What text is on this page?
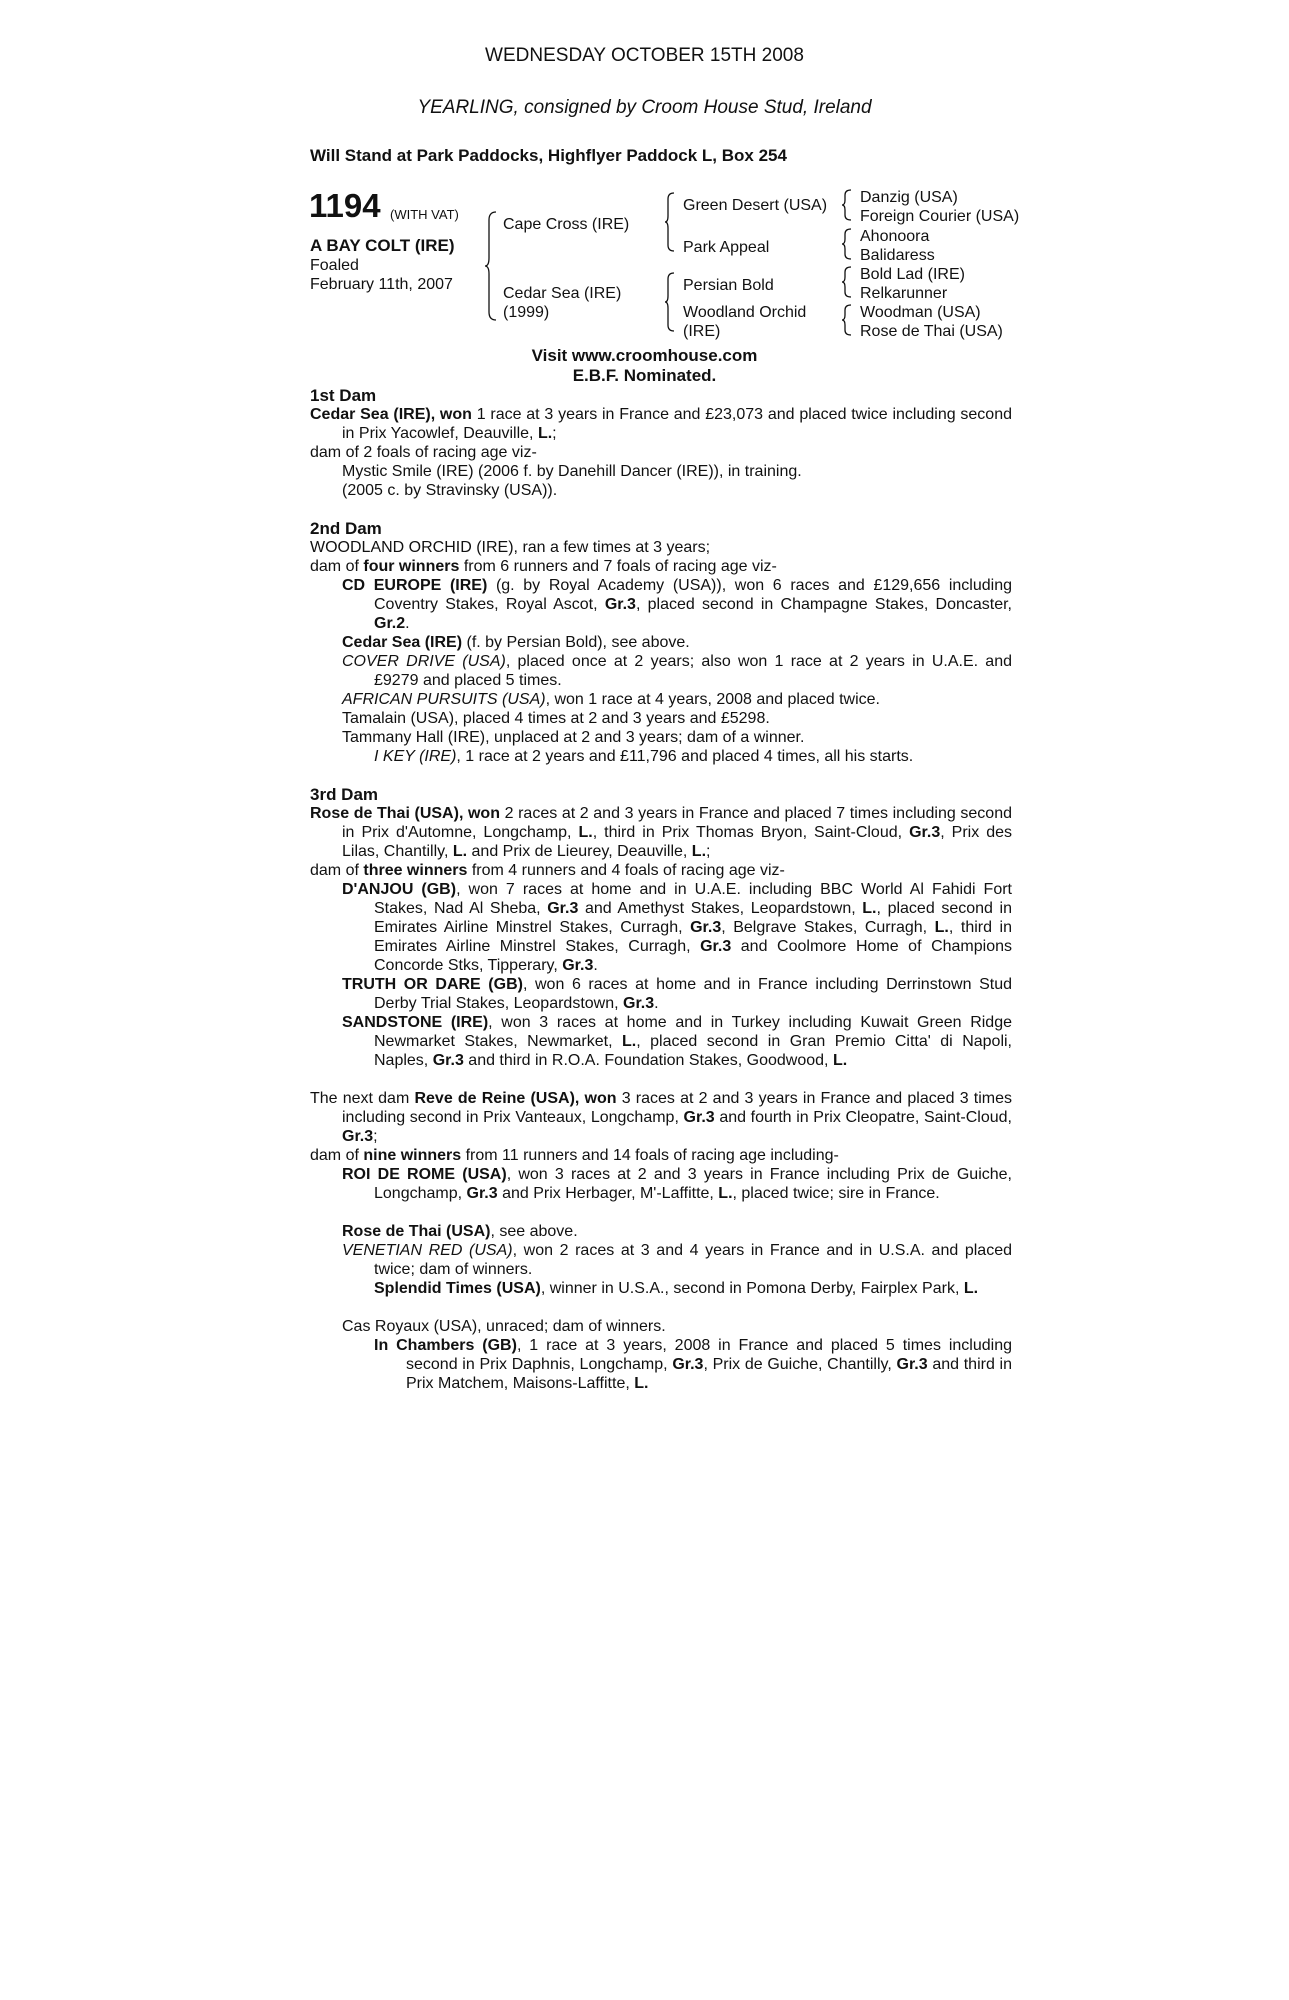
WEDNESDAY OCTOBER 15TH 2008
YEARLING, consigned by Croom House Stud, Ireland
Will Stand at Park Paddocks, Highflyer Paddock L, Box 254
1194 (WITH VAT)
A BAY COLT (IRE)
Foaled
February 11th, 2007
Cape Cross (IRE)
Cedar Sea (IRE)
(1999)
Green Desert (USA)
Park Appeal
Persian Bold
Woodland Orchid
(IRE)
Danzig (USA)
Foreign Courier (USA)
Ahonoora
Balidaress
Bold Lad (IRE)
Relkarunner
Woodman (USA)
Rose de Thai (USA)
Visit www.croomhouse.com
E.B.F. Nominated.
1st Dam
Cedar Sea (IRE), won 1 race at 3 years in France and £23,073 and placed twice including second in Prix Yacowlef, Deauville, L.;
dam of 2 foals of racing age viz-
Mystic Smile (IRE) (2006 f. by Danehill Dancer (IRE)), in training.
(2005 c. by Stravinsky (USA)).
2nd Dam
WOODLAND ORCHID (IRE), ran a few times at 3 years;
dam of four winners from 6 runners and 7 foals of racing age viz-
CD EUROPE (IRE) (g. by Royal Academy (USA)), won 6 races and £129,656 including Coventry Stakes, Royal Ascot, Gr.3, placed second in Champagne Stakes, Doncaster, Gr.2.
Cedar Sea (IRE) (f. by Persian Bold), see above.
COVER DRIVE (USA), placed once at 2 years; also won 1 race at 2 years in U.A.E. and £9279 and placed 5 times.
AFRICAN PURSUITS (USA), won 1 race at 4 years, 2008 and placed twice.
Tamalain (USA), placed 4 times at 2 and 3 years and £5298.
Tammany Hall (IRE), unplaced at 2 and 3 years; dam of a winner.
I KEY (IRE), 1 race at 2 years and £11,796 and placed 4 times, all his starts.
3rd Dam
Rose de Thai (USA), won 2 races at 2 and 3 years in France and placed 7 times including second in Prix d'Automne, Longchamp, L., third in Prix Thomas Bryon, Saint-Cloud, Gr.3, Prix des Lilas, Chantilly, L. and Prix de Lieurey, Deauville, L.;
dam of three winners from 4 runners and 4 foals of racing age viz-
D'ANJOU (GB), won 7 races at home and in U.A.E. including BBC World Al Fahidi Fort Stakes, Nad Al Sheba, Gr.3 and Amethyst Stakes, Leopardstown, L., placed second in Emirates Airline Minstrel Stakes, Curragh, Gr.3, Belgrave Stakes, Curragh, L., third in Emirates Airline Minstrel Stakes, Curragh, Gr.3 and Coolmore Home of Champions Concorde Stks, Tipperary, Gr.3.
TRUTH OR DARE (GB), won 6 races at home and in France including Derrinstown Stud Derby Trial Stakes, Leopardstown, Gr.3.
SANDSTONE (IRE), won 3 races at home and in Turkey including Kuwait Green Ridge Newmarket Stakes, Newmarket, L., placed second in Gran Premio Citta' di Napoli, Naples, Gr.3 and third in R.O.A. Foundation Stakes, Goodwood, L.
The next dam Reve de Reine (USA), won 3 races at 2 and 3 years in France and placed 3 times including second in Prix Vanteaux, Longchamp, Gr.3 and fourth in Prix Cleopatre, Saint-Cloud, Gr.3;
dam of nine winners from 11 runners and 14 foals of racing age including-
ROI DE ROME (USA), won 3 races at 2 and 3 years in France including Prix de Guiche, Longchamp, Gr.3 and Prix Herbager, M'-Laffitte, L., placed twice; sire in France.
Rose de Thai (USA), see above.
VENETIAN RED (USA), won 2 races at 3 and 4 years in France and in U.S.A. and placed twice; dam of winners.
Splendid Times (USA), winner in U.S.A., second in Pomona Derby, Fairplex Park, L.
Cas Royaux (USA), unraced; dam of winners.
In Chambers (GB), 1 race at 3 years, 2008 in France and placed 5 times including second in Prix Daphnis, Longchamp, Gr.3, Prix de Guiche, Chantilly, Gr.3 and third in Prix Matchem, Maisons-Laffitte, L.
